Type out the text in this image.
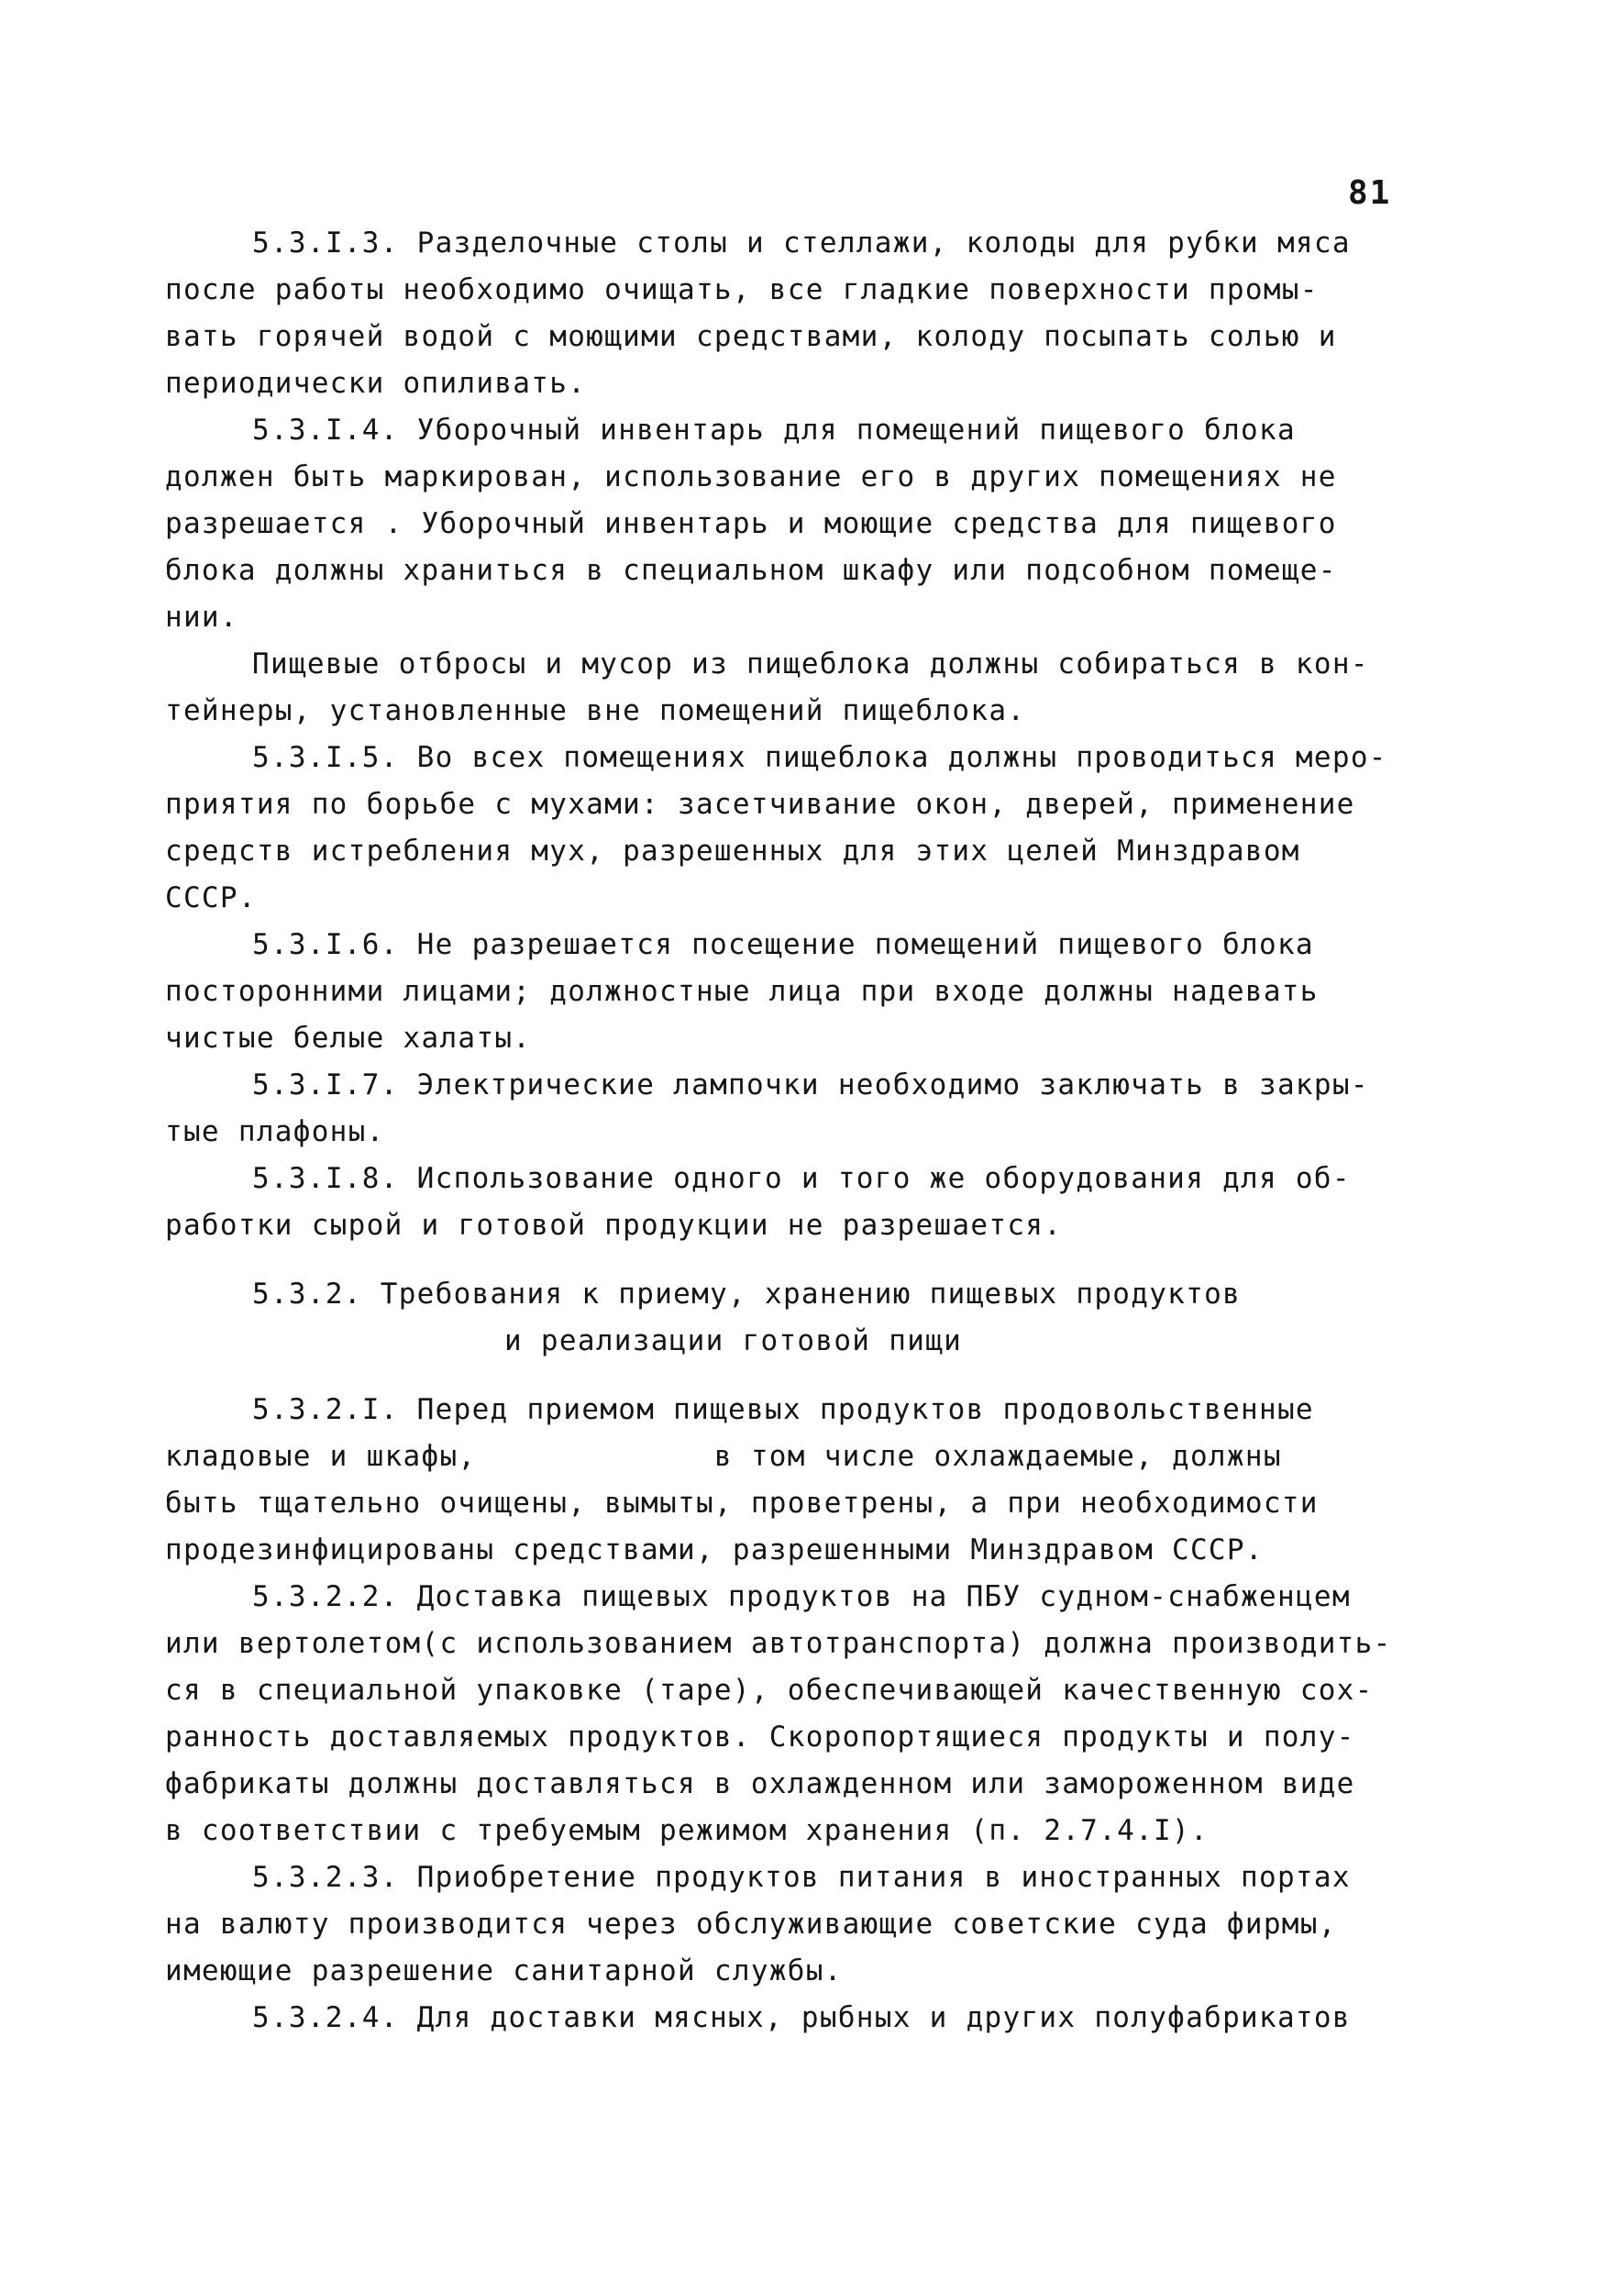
81
5.3.I.3. Разделочные столы и стеллажи, колоды для рубки мяса
после работы необходимо очищать, все гладкие поверхности промы-
вать горячей водой с моющими средствами, колоду посыпать солью и
периодически опиливать.
5.3.I.4. Уборочный инвентарь для помещений пищевого блока
должен быть маркирован, использование его в других помещениях не
разрешается . Уборочный инвентарь и моющие средства для пищевого
блока должны храниться в специальном шкафу или подсобном помеще-
нии.
Пищевые отбросы и мусор из пищеблока должны собираться в кон-
тейнеры, установленные вне помещений пищеблока.
5.3.I.5. Во всех помещениях пищеблока должны проводиться меро-
приятия по борьбе с мухами: засетчивание окон, дверей, применение
средств истребления мух, разрешенных для этих целей Минздравом
СССР.
5.3.I.6. Не разрешается посещение помещений пищевого блока
посторонними лицами; должностные лица при входе должны надевать
чистые белые халаты.
5.3.I.7. Электрические лампочки необходимо заключать в закры-
тые плафоны.
5.3.I.8. Использование одного и того же оборудования для об-
работки сырой и готовой продукции не разрешается.
5.3.2. Требования к приему, хранению пищевых продуктов
и реализации готовой пищи
5.3.2.I. Перед приемом пищевых продуктов продовольственные
кладовые и шкафы,             в том числе охлаждаемые, должны
быть тщательно очищены, вымыты, проветрены, а при необходимости
продезинфицированы средствами, разрешенными Минздравом СССР.
5.3.2.2. Доставка пищевых продуктов на ПБУ судном-снабженцем
или вертолетом(с использованием автотранспорта) должна производить-
ся в специальной упаковке (таре), обеспечивающей качественную сох-
ранность доставляемых продуктов. Скоропортящиеся продукты и полу-
фабрикаты должны доставляться в охлажденном или замороженном виде
в соответствии с требуемым режимом хранения (п. 2.7.4.I).
5.3.2.3. Приобретение продуктов питания в иностранных портах
на валюту производится через обслуживающие советские суда фирмы,
имеющие разрешение санитарной службы.
5.3.2.4. Для доставки мясных, рыбных и других полуфабрикатов
